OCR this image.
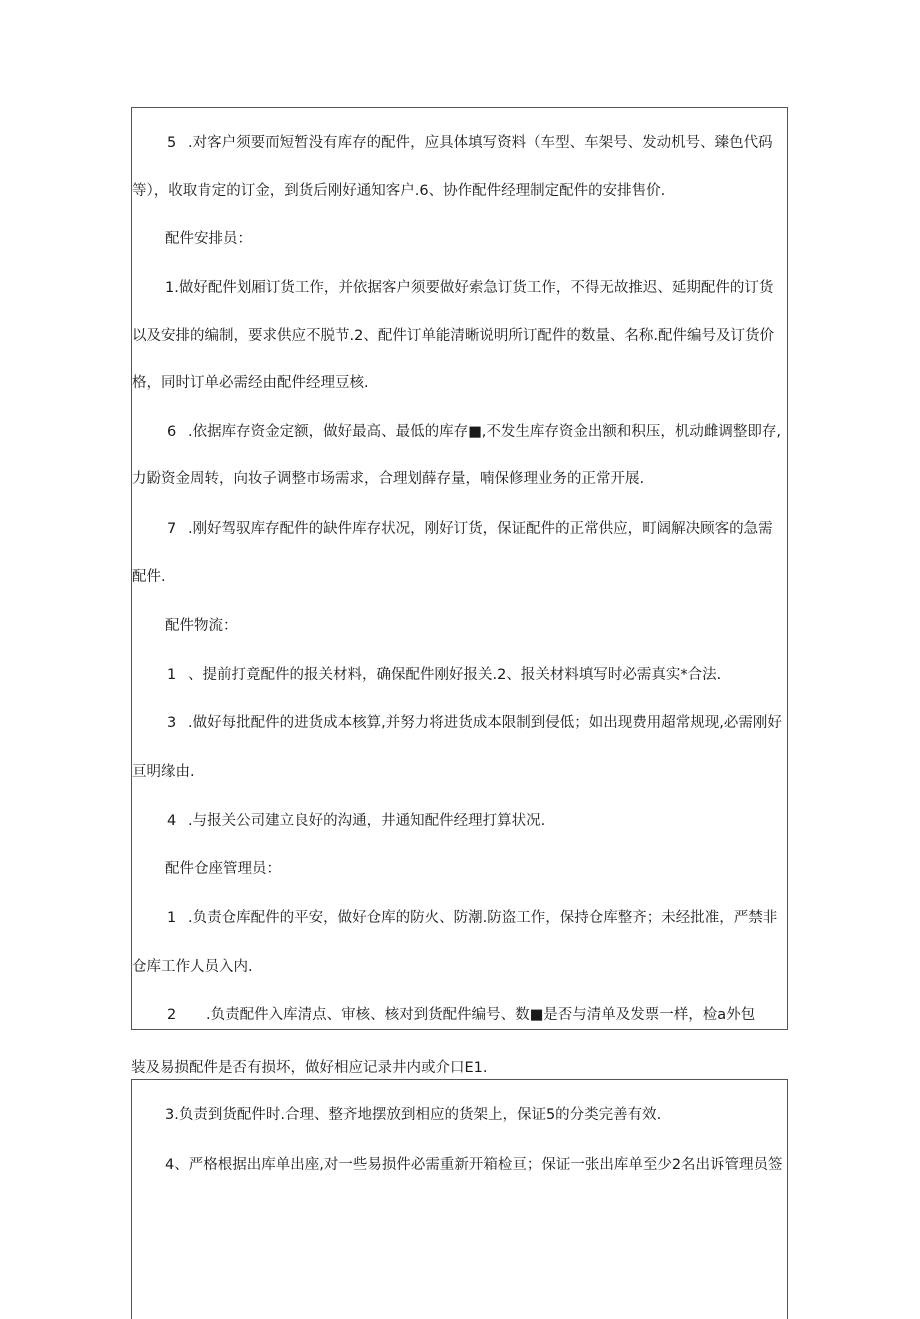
5 .对客户须要而短暂没有库存的配件，应具体填写资料（车型、车架号、发动机号、臻色代码
等），收取肯定的订金，到货后刚好通知客户.6、协作配件经理制定配件的安排售价.
配件安排员：
1.做好配件划厢订货工作，并依据客户须要做好索急订货工作，不得无故推迟、延期配件的订货
以及安排的编制，要求供应不脱节.2、配件订单能清晰说明所订配件的数量、名称.配件编号及订货价
格，同时订单必需经由配件经理豆核.
6 .依据库存资金定额，做好最高、最低的库存■,不发生库存资金出额和积压，机动雌调整即存,
力鼢资金周转，向妆子调整市场需求，合理划薛存量，喃保修理业务的正常开展.
7 .刚好驾驭库存配件的缺件库存状况，刚好订货，保证配件的正常供应，町阔解决顾客的急需
配件.
配件物流：
1 、提前打竟配件的报关材料，确保配件刚好报关.2、报关材料填写时必需真实*合法.
3 .做好每批配件的进货成本核算,并努力将进货成本限制到侵低；如出现费用超常规现,必需刚好
亘明缘由.
4 .与报关公司建立良好的沟通，井通知配件经理打算状况.
配件仓座管理员：
1 .负责仓库配件的平安，做好仓库的防火、防潮.防盗工作，保持仓库整齐；未经批准，严禁非
仓库工作人员入内.
2 .负责配件入库清点、审核、核对到货配件编号、数■是否与清单及发票一样，检a外包
装及易损配件是否有损坏，做好相应记录井内或介口E1.
3.负责到货配件时.合理、整齐地摆放到相应的货架上，保证5的分类完善有效.
4、严格根据出库单出座,对一些易损件必需重新开箱检亘；保证一张出库单至少2名出诉管理员签
